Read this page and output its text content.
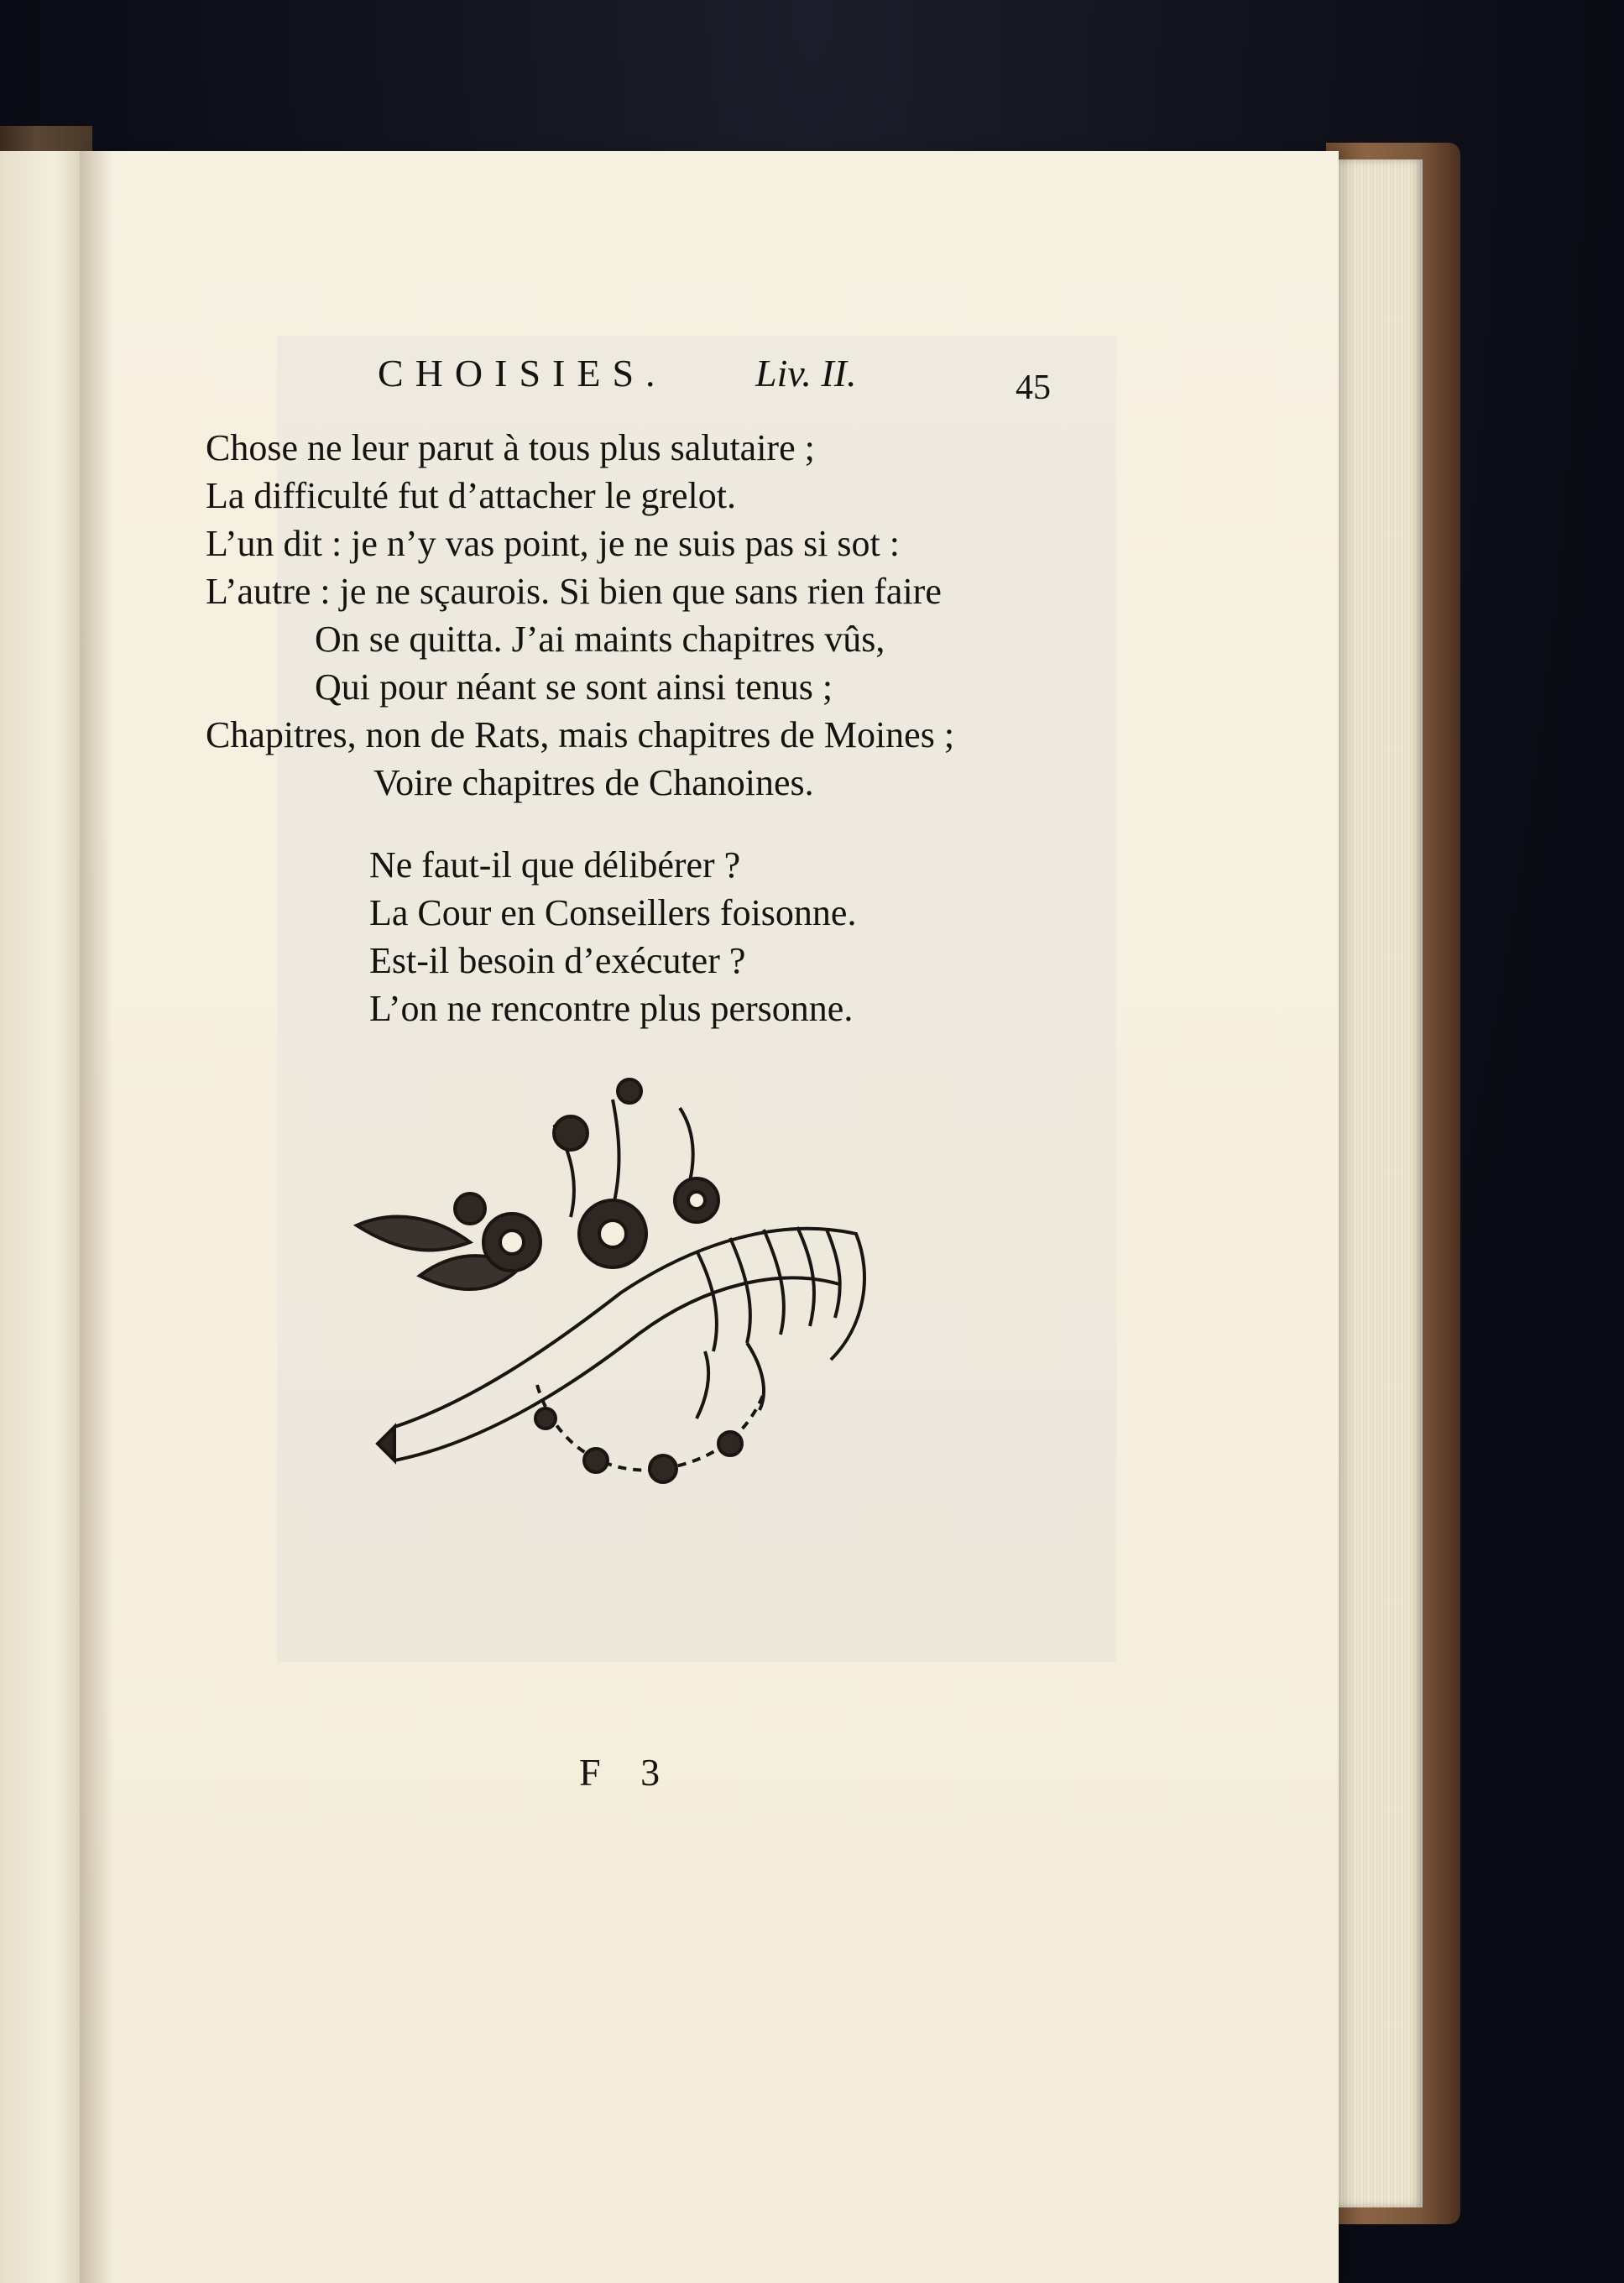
CHOISIES. Liv. II.	45
Chose ne leur parut à tous plus salutaire ;
La difficulté fut d’attacher le grelot.
L’un dit : je n’y vas point, je ne suis pas si sot :
L’autre : je ne sçaurois. Si bien que sans rien faire
On se quitta. J’ai maints chapitres vûs,
Qui pour néant se sont ainsi tenus ;
Chapitres, non de Rats, mais chapitres de Moines ;
Voire chapitres de Chanoines.
Ne faut-il que délibérer ?
La Cour en Conseillers foisonne.
Est-il besoin d’exécuter ?
L’on ne rencontre plus personne.
F 3
